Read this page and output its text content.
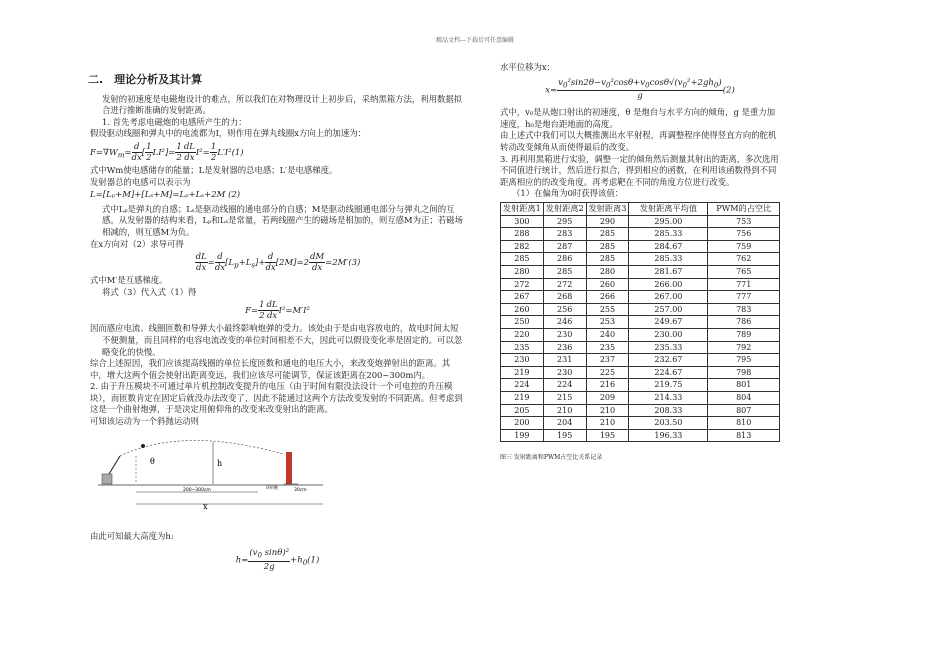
精品文档---下载后可任意编辑
二.　理论分析及其计算

发射的初速度是电磁炮设计的难点，所以我们在对物理设计上初步后，采纳黑箱方法，利用数据拟合进行推断准确的发射距离。

1. 首先考虑电磁炮的电感所产生的力：

假设驱动线圈和弹丸中的电流都为I，则作用在弹丸线圈x方向上的加速为：

$F=\nabla W_m= \frac{d}{dx}$ [ $\frac{1}{2} LI^2]= \frac{1}{2} \frac{dL}{dx} I^2= \frac{1}{2} L'I^2(1)$

式中Wm使电感储存的能量；L是发射器的总电感；L′是电感梯度。

发射器总的电感可以表示为

L=[Lₚ+M]+[Lₛ+M]=Lₚ+Lₛ+2M (2)

式中Lₚ是弹丸的自感；Lₛ是驱动线圈的通电部分的自感；M是驱动线圈通电部分与弹丸之间的互感。从发射器的结构来看，Lₚ和Lₛ是常量，若两线圈产生的磁场是相加的，则互感M为正；若磁场相减的，则互感M为负。

在x方向对（2）求导可得

$\frac{dL}{dx} = \frac{d}{dx} [L_p+L_s]+ \frac{d}{dx} [2M]=2 \frac{dM}{dx} =2M'(3)$

式中M′是互感梯度。

将式（3）代入式（1）得

$F= \frac{1}{2} \frac{dL}{dx} I^2=M'I^2$

因而感应电流、线圈匝数和导弹大小最终影响炮弹的受力。该处由于是由电容放电的，故电时间太短不便测量，而且同样的电容电流改变的单位时间相差不大，因此可以假设变化率是固定的。可以忽略变化的快慢。

综合上述原因，我们应该提高线圈的单位长度匝数和通电的电压大小，来改变炮弹射出的距离。其中，增大这两个值会使射出距离变远，我们应该尽可能调节，保证该距离在200~300m内。

2. 由于升压模块不可通过单片机控制改变提升的电压（由于时间有限没法设计一个可电控的升压模块），而匝数肯定在固定后就没办法改变了，因此不能通过这两个方法改变发射的不同距离。但考虑到这是一个曲射炮弹，于是决定用俯仰角的改变来改变射出的距离。

可知该运动为一个斜抛运动则

θ	h
200~300cm	30cm
环形靶
x

由此可知最大高度为h:

$h= \frac{(v_0 \sin\theta)^2}{2g} +h_0(1)$

水平位移为x：

$x= \frac{v_0^2\sin 2\theta-v_0^2\cos\theta+v_0\cos\theta√(v_0^2+2gh_0)}{g} (2)$

式中，v₀是从炮口射出的初速度，θ 是炮台与水平方向的倾角，g 是重力加速度，h₀是炮台距地面的高度。

由上述式中我们可以大概推测出水平射程，再调整程序使得竖直方向的舵机转动改变倾角从而使得最后的改变。

3. 再利用黑箱进行实验，调整一定的倾角然后测量其射出的距离，多次选用不同值进行统计，然后进行拟合，得到相应的函数，在利用该函数得到不同距离相应的的改变角度。再考虑靶在不同的角度方位进行改变。

（1）在偏角为0时获得该值：

发射距离1	发射距离2	发射距离3	发射距离平均值	PWM的占空比
300	295	290	295.00	753
288	283	285	285.33	756
282	287	285	284.67	759
285	286	285	285.33	762
280	285	280	281.67	765
272	272	260	266.00	771
267	268	266	267.00	777
260	256	255	257.00	783
250	246	253	249.67	786
220	230	240	230.00	789
235	236	235	235.33	792
230	231	237	232.67	795
219	230	225	224.67	798
224	224	216	219.75	801
219	215	209	214.33	804
205	210	210	208.33	807
200	204	210	203.50	810
199	195	195	196.33	813
图三 发射距离和PWM占空比关系记录
